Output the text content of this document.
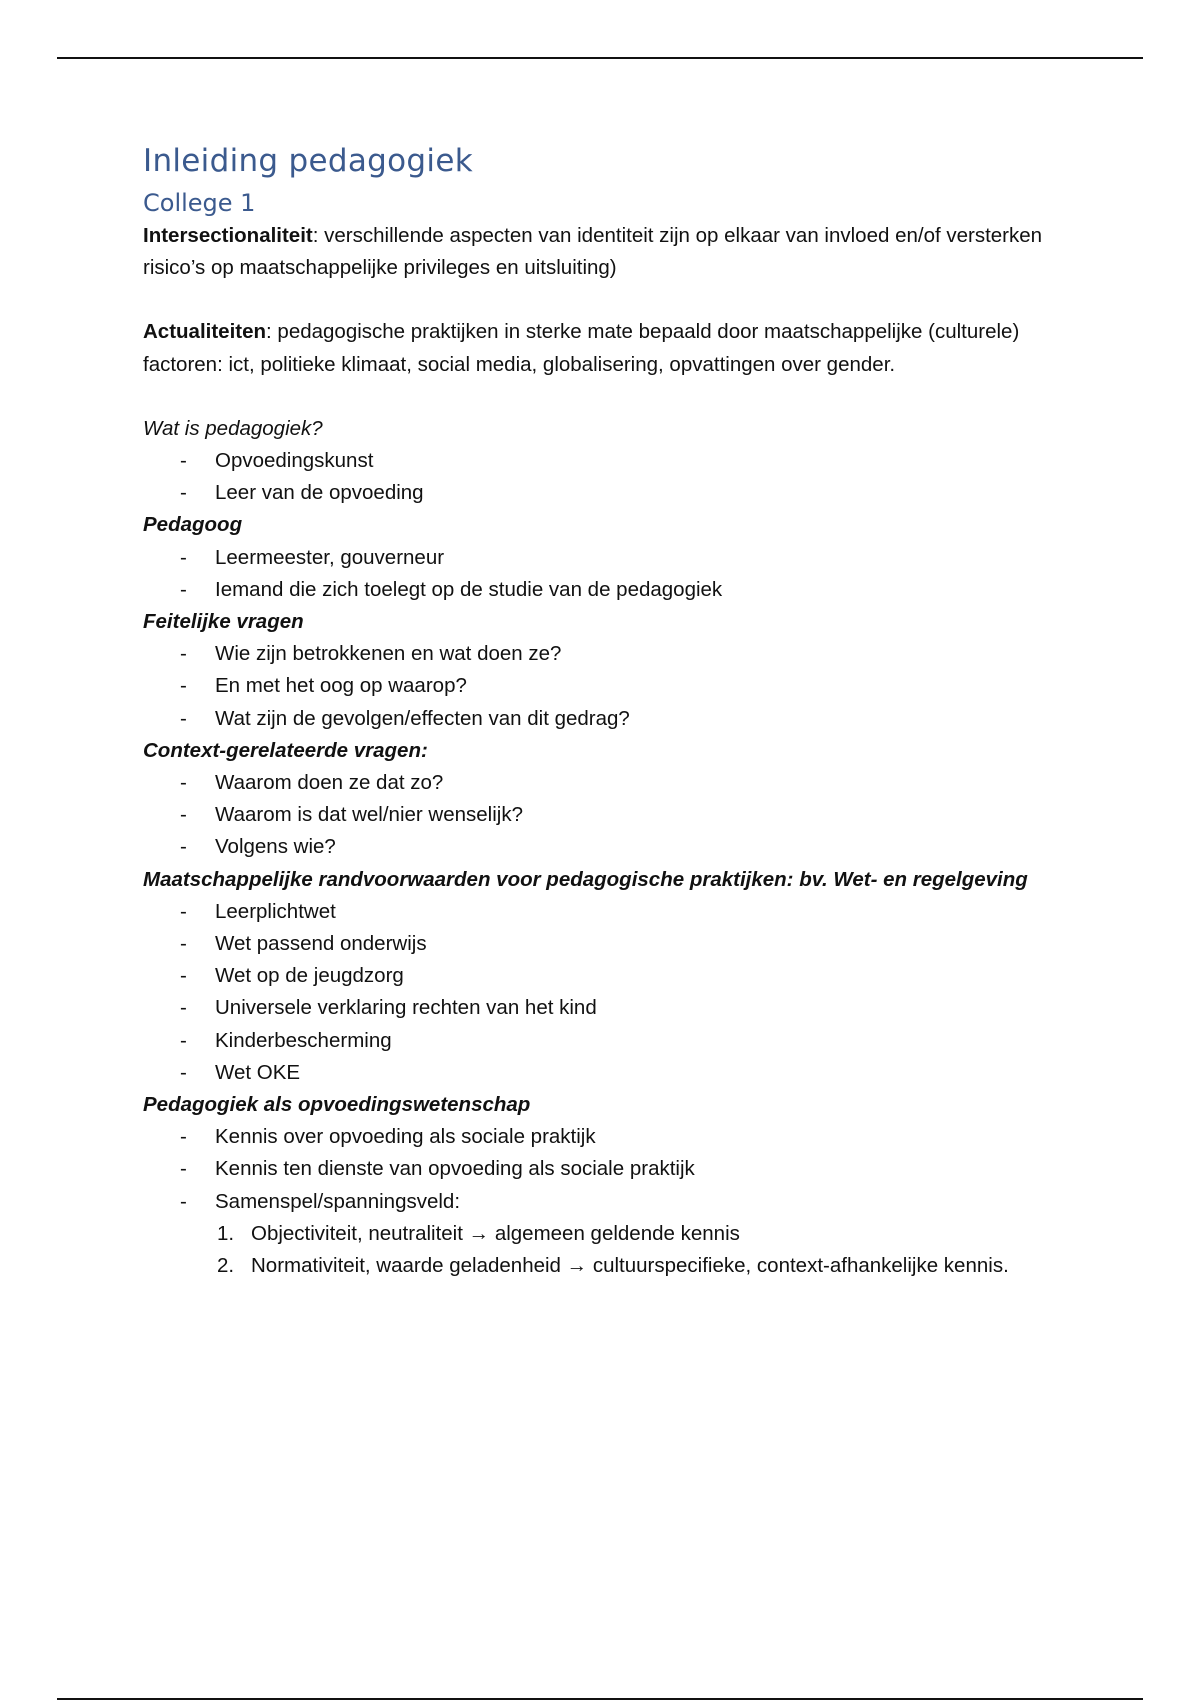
Inleiding pedagogiek
College 1

Intersectionaliteit: verschillende aspecten van identiteit zijn op elkaar van invloed en/of versterken risico’s op maatschappelijke privileges en uitsluiting)

Actualiteiten: pedagogische praktijken in sterke mate bepaald door maatschappelijke (culturele) factoren: ict, politieke klimaat, social media, globalisering, opvattingen over gender.

Wat is pedagogiek?

- Opvoedingskunst
- Leer van de opvoeding

Pedagoog

- Leermeester, gouverneur
- Iemand die zich toelegt op de studie van de pedagogiek

Feitelijke vragen

- Wie zijn betrokkenen en wat doen ze?
- En met het oog op waarop?
- Wat zijn de gevolgen/effecten van dit gedrag?

Context-gerelateerde vragen:

- Waarom doen ze dat zo?
- Waarom is dat wel/nier wenselijk?
- Volgens wie?

Maatschappelijke randvoorwaarden voor pedagogische praktijken: bv. Wet- en regelgeving

- Leerplichtwet
- Wet passend onderwijs
- Wet op de jeugdzorg
- Universele verklaring rechten van het kind
- Kinderbescherming
- Wet OKE

Pedagogiek als opvoedingswetenschap

- Kennis over opvoeding als sociale praktijk
- Kennis ten dienste van opvoeding als sociale praktijk
- Samenspel/spanningsveld:
1. Objectiviteit, neutraliteit → algemeen geldende kennis
2. Normativiteit, waarde geladenheid → cultuurspecifieke, context-afhankelijke kennis.
